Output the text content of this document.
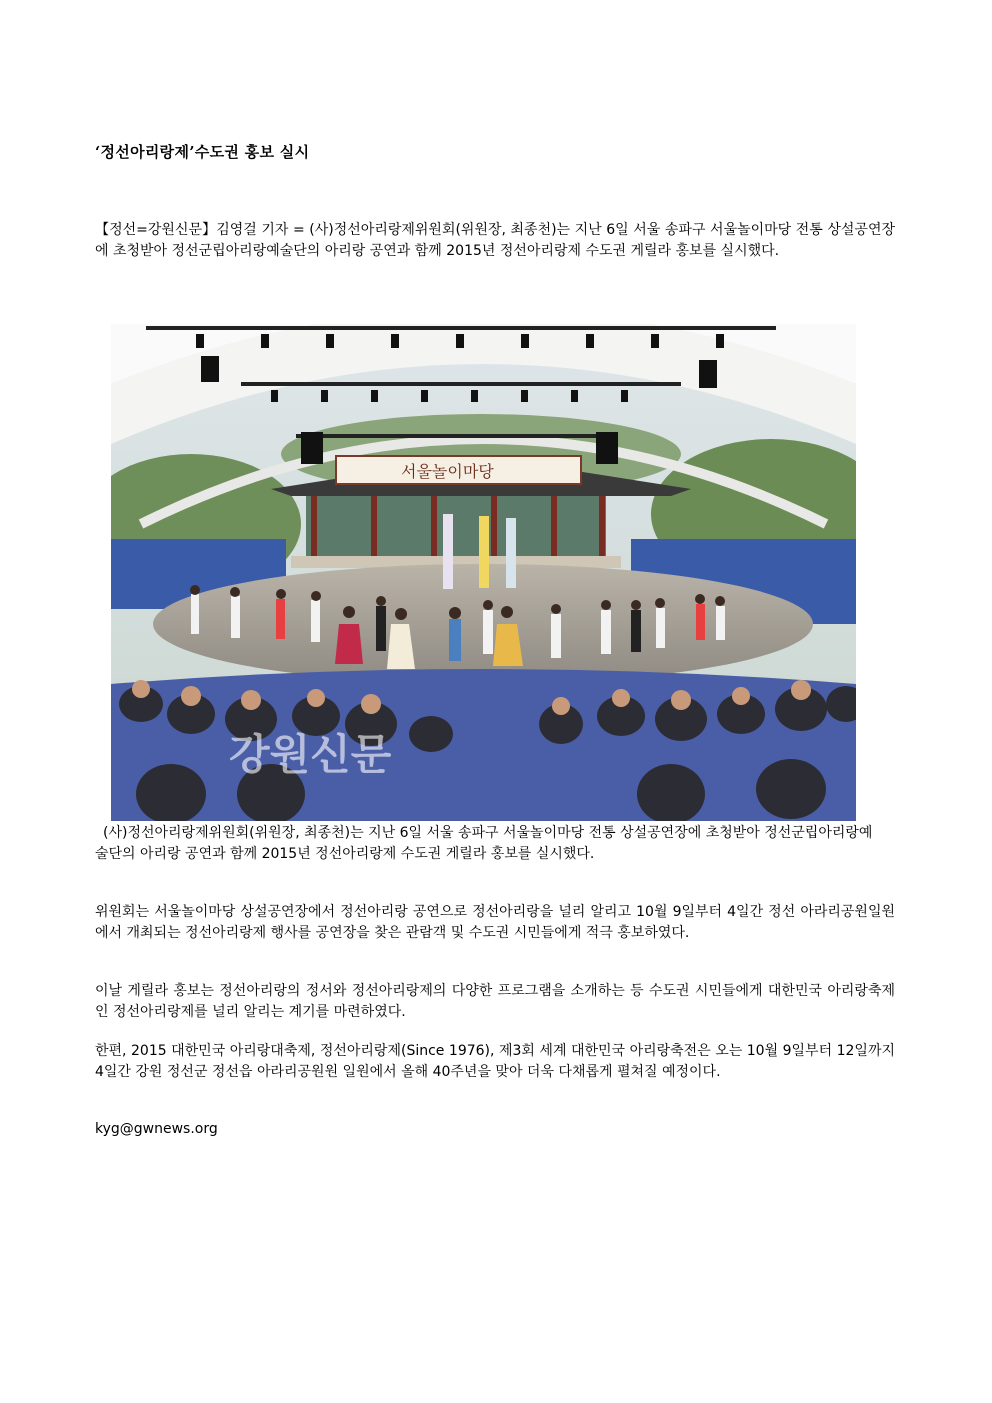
‘정선아리랑제’수도권 홍보 실시

【정선=강원신문】김영걸 기자 = (사)정선아리랑제위원회(위원장, 최종천)는 지난 6일 서울 송파구 서울놀이마당 전통 상설공연장에 초청받아 정선군립아리랑예술단의 아리랑 공연과 함께 2015년 정선아리랑제 수도권 게릴라 홍보를 실시했다.

서울놀이마당
강원신문

(사)정선아리랑제위원회(위원장, 최종천)는 지난 6일 서울 송파구 서울놀이마당 전통 상설공연장에 초청받아 정선군립아리랑예술단의 아리랑 공연과 함께 2015년 정선아리랑제 수도권 게릴라 홍보를 실시했다.

위원회는 서울놀이마당 상설공연장에서 정선아리랑 공연으로 정선아리랑을 널리 알리고 10월 9일부터 4일간 정선 아라리공원일원에서 개최되는 정선아리랑제 행사를 공연장을 찾은 관람객 및 수도권 시민들에게 적극 홍보하였다.

이날 게릴라 홍보는 정선아리랑의 정서와 정선아리랑제의 다양한 프로그램을 소개하는 등 수도권 시민들에게 대한민국 아리랑축제인 정선아리랑제를 널리 알리는 계기를 마련하였다.

한편, 2015 대한민국 아리랑대축제, 정선아리랑제(Since 1976), 제3회 세계 대한민국 아리랑축전은 오는 10월 9일부터 12일까지 4일간 강원 정선군 정선읍 아라리공원원 일원에서 올해 40주년을 맞아 더욱 다채롭게 펼쳐질 예정이다.

kyg@gwnews.org
